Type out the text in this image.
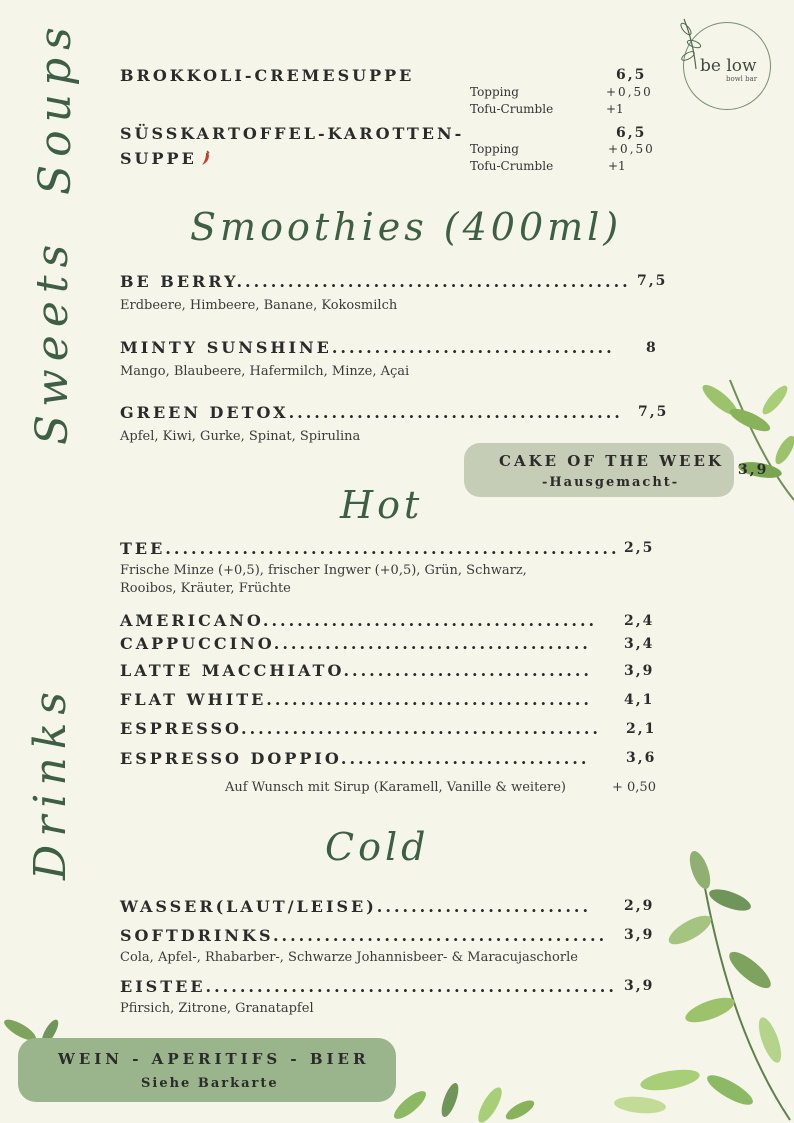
be low
bowl bar
Soups
Sweets
Drinks
BROKKOLI-CREMESUPPE	6,5
Topping	+0,50
Tofu-Crumble	+1
SÜSSKARTOFFEL-KAROTTEN-
SUPPE
6,5
Topping	+0,50
Tofu-Crumble	+1
Smoothies (400ml)
BE BERRY.............................................. 7,5
Erdbeere, Himbeere, Banane, Kokosmilch
MINTY SUNSHINE................................. 8
Mango, Blaubeere, Hafermilch, Minze, Açai
GREEN DETOX....................................... 7,5
Apfel, Kiwi, Gurke, Spinat, Spirulina
CAKE OF THE WEEK
-Hausgemacht-
3,9
Hot
TEE..................................................... 2,5
Frische Minze (+0,5), frischer Ingwer (+0,5), Grün, Schwarz, Rooibos, Kräuter, Früchte
AMERICANO....................................... 2,4
CAPPUCCINO..................................... 3,4
LATTE MACCHIATO............................. 3,9
FLAT WHITE...................................... 4,1
ESPRESSO.......................................... 2,1
ESPRESSO DOPPIO.............................	3,6
Auf Wunsch mit Sirup (Karamell, Vanille & weitere)	+ 0,50
Cold
WASSER(LAUT/LEISE)......................... 2,9
SOFTDRINKS....................................... 3,9
Cola, Apfel-, Rhabarber-, Schwarze Johannisbeer- & Maracujaschorle
EISTEE................................................ 3,9
Pfirsich, Zitrone, Granatapfel
WEIN - APERITIFS - BIER
Siehe Barkarte
